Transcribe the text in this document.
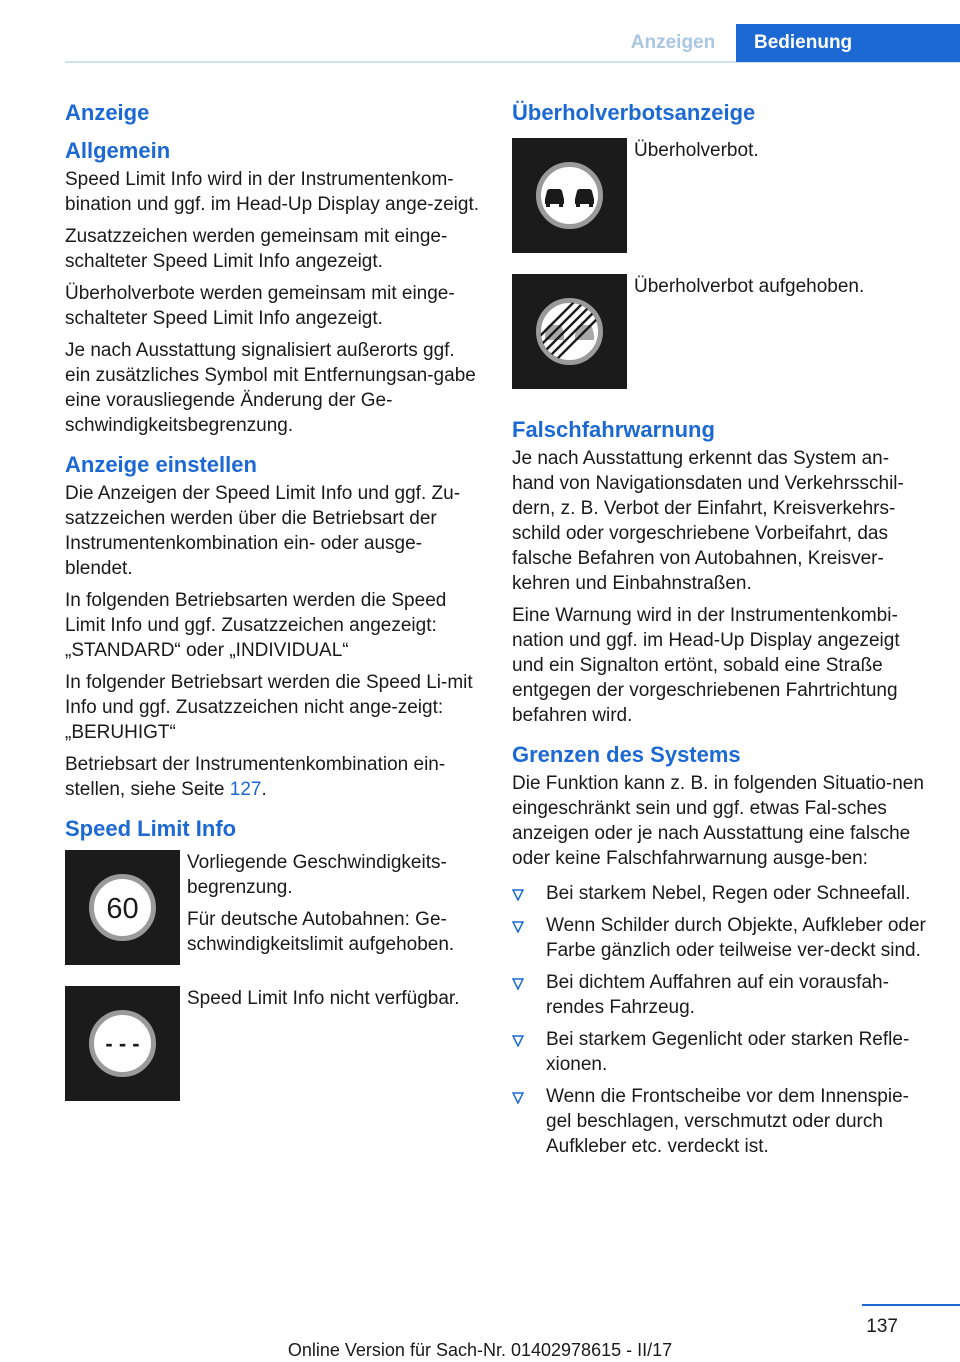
Anzeigen	Bedienung
Anzeige
Allgemein

Speed Limit Info wird in der Instrumentenkom-bination und ggf. im Head-Up Display ange-zeigt.

Zusatzzeichen werden gemeinsam mit einge-schalteter Speed Limit Info angezeigt.

Überholverbote werden gemeinsam mit einge-schalteter Speed Limit Info angezeigt.

Je nach Ausstattung signalisiert außerorts ggf. ein zusätzliches Symbol mit Entfernungsan-gabe eine vorausliegende Änderung der Ge-schwindigkeitsbegrenzung.

Anzeige einstellen

Die Anzeigen der Speed Limit Info und ggf. Zu-satzzeichen werden über die Betriebsart der Instrumentenkombination ein- oder ausge-blendet.

In folgenden Betriebsarten werden die Speed Limit Info und ggf. Zusatzzeichen angezeigt: „STANDARD“ oder „INDIVIDUAL“

In folgender Betriebsart werden die Speed Li-mit Info und ggf. Zusatzzeichen nicht ange-zeigt: „BERUHIGT“

Betriebsart der Instrumentenkombination ein-stellen, siehe Seite 127.

Speed Limit Info
60

Vorliegende Geschwindigkeits-begrenzung.

Für deutsche Autobahnen: Ge-schwindigkeitslimit aufgehoben.

- - -

Speed Limit Info nicht verfügbar.

Überholverbotsanzeige

Überholverbot.

Überholverbot aufgehoben.

Falschfahrwarnung

Je nach Ausstattung erkennt das System an-hand von Navigationsdaten und Verkehrsschil-dern, z. B. Verbot der Einfahrt, Kreisverkehrs-schild oder vorgeschriebene Vorbeifahrt, das falsche Befahren von Autobahnen, Kreisver-kehren und Einbahnstraßen.

Eine Warnung wird in der Instrumentenkombi-nation und ggf. im Head-Up Display angezeigt und ein Signalton ertönt, sobald eine Straße entgegen der vorgeschriebenen Fahrtrichtung befahren wird.

Grenzen des Systems

Die Funktion kann z. B. in folgenden Situatio-nen eingeschränkt sein und ggf. etwas Fal-sches anzeigen oder je nach Ausstattung eine falsche oder keine Falschfahrwarnung ausge-ben:

Bei starkem Nebel, Regen oder Schneefall.
Wenn Schilder durch Objekte, Aufkleber oder Farbe gänzlich oder teilweise ver-deckt sind.
Bei dichtem Auffahren auf ein vorausfah-rendes Fahrzeug.
Bei starkem Gegenlicht oder starken Refle-xionen.
Wenn die Frontscheibe vor dem Innenspie-gel beschlagen, verschmutzt oder durch Aufkleber etc. verdeckt ist.
137
Online Version für Sach-Nr. 01402978615 - II/17
